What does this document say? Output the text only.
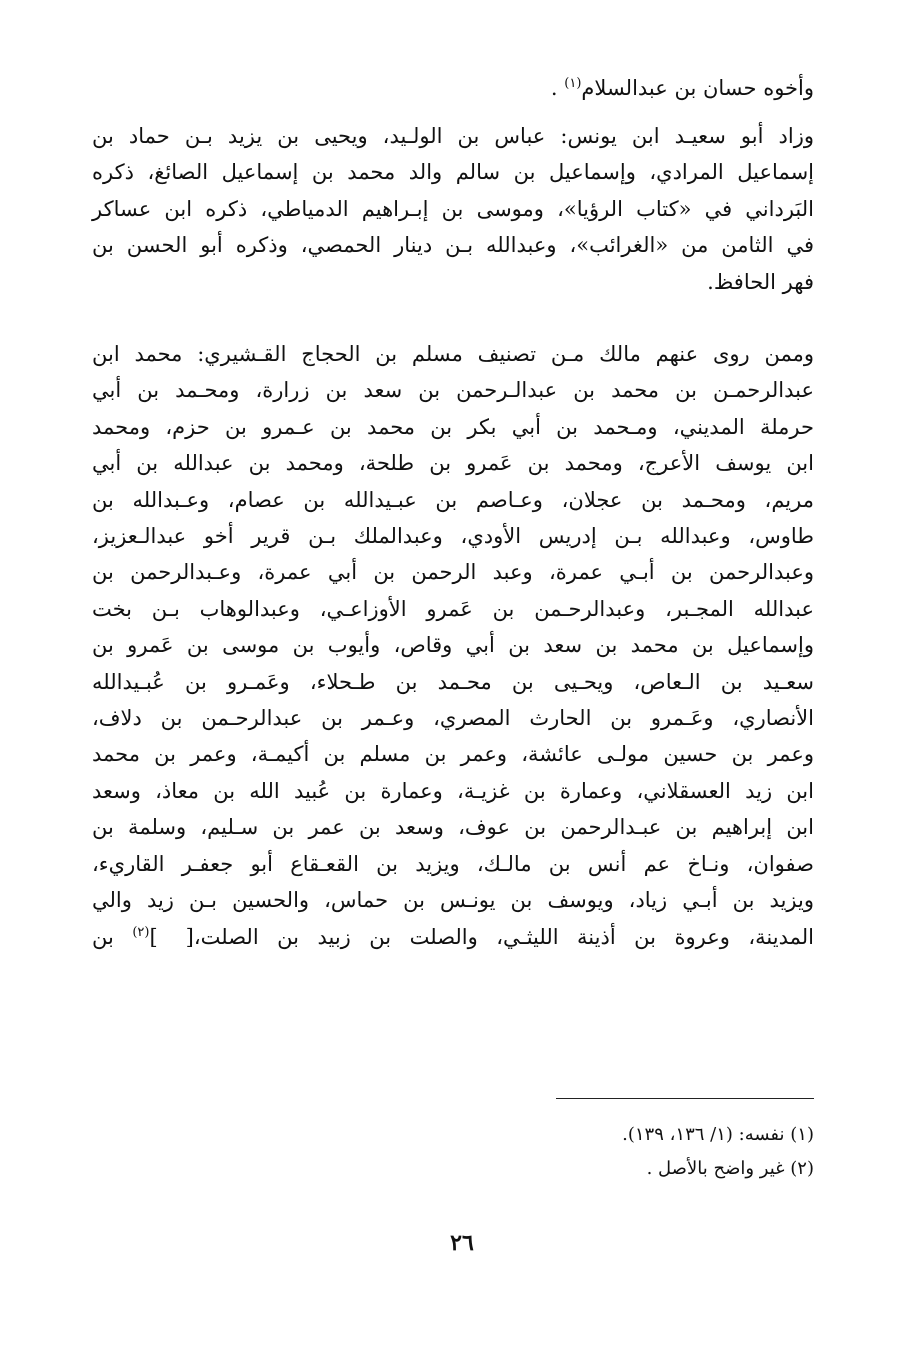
وأخوه حسان بن عبدالسلام$^{(١)}$ .
وزاد أبو سعيـد ابن يونس: عباس بن الولـيد، ويحيى بن يزيد بـن حماد بن
إسماعيل المرادي، وإسماعيل بن سالم والد محمد بن إسماعيل الصائغ، ذكره
البَرداني في «كتاب الرؤيا»، وموسى بن إبـراهيم الدمياطي، ذكره ابن عساكر
في الثامن من «الغرائب»، وعبدالله بـن دينار الحمصي، وذكره أبو الحسن بن
فهر الحافظ.
وممن روى عنهم مالك مـن تصنيف مسلم بن الحجاج القـشيري: محمد ابن
عبدالرحمـن بن محمد بن عبدالـرحمن بن سعد بن زرارة، ومحـمد بن أبي
حرملة المديني، ومـحمد بن أبي بكر بن محمد بن عـمرو بن حزم، ومحمد
ابن يوسف الأعرج، ومحمد بن عَمرو بن طلحة، ومحمد بن عبدالله بن أبي
مريم، ومحـمد بن عجلان، وعـاصم بن عبـيدالله بن عصام، وعـبدالله بن
طاوس، وعبدالله بـن إدريس الأودي، وعبدالملك بـن قرير أخو عبدالـعزيز،
وعبدالرحمن بن أبـي عمرة، وعبد الرحمن بن أبي عمرة، وعـبدالرحمن بن
عبدالله المجـبر، وعبدالرحـمن بن عَمرو الأوزاعـي، وعبدالوهاب بـن بخت
وإسماعيل بن محمد بن سعد بن أبي وقاص، وأيوب بن موسى بن عَمرو بن
سعـيد بن الـعاص، ويحـيى بن محـمد بن طـحلاء، وعَمـرو بن عُبـيدالله
الأنصاري، وعَـمرو بن الحارث المصري، وعـمر بن عبدالرحـمن بن دلاف،
وعمر بن حسين مولـى عائشة، وعمر بن مسلم بن أكيمـة، وعمر بن محمد
ابن زيد العسقلاني، وعمارة بن غزيـة، وعمارة بن عُبيد الله بن معاذ، وسعد
ابن إبراهيم بن عبـدالرحمن بن عوف، وسعد بن عمر بن سـليم، وسلمة بن
صفوان، ونـاخ عم أنس بن مالـك، ويزيد بن القعـقاع أبو جعفـر القاريء،
ويزيد بن أبـي زياد، ويوسف بن يونـس بن حماس، والحسين بـن زيد والي
المدينة، وعروة بن أذينة الليثـي، والصلت بن زبيد بن الصلت،[]$^{(٢)}$ بن
(١) نفسه: (١/ ١٣٦، ١٣٩).
(٢) غير واضح بالأصل .
٢٦
